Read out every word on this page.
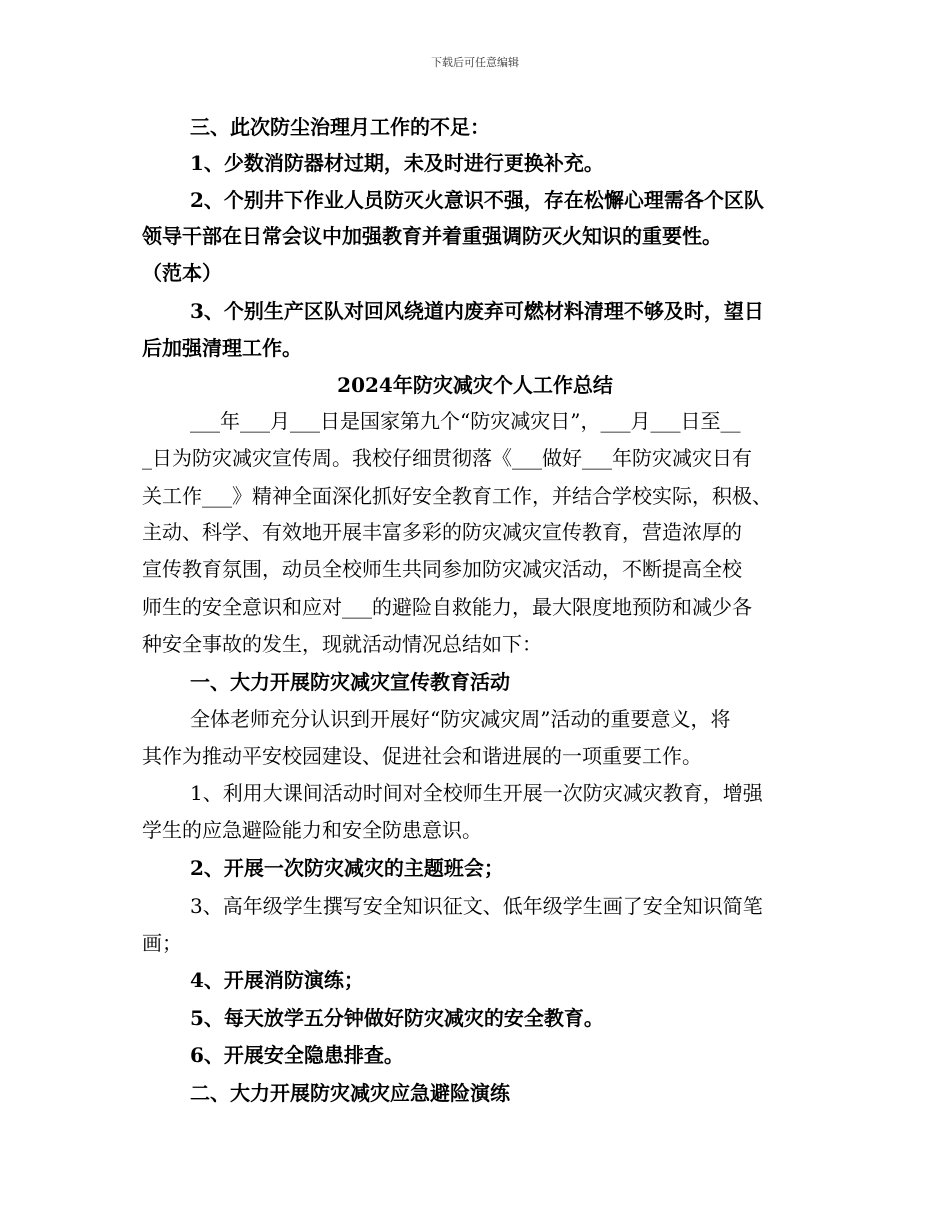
下载后可任意编辑
三、此次防尘治理月工作的不足：
1、少数消防器材过期，未及时进行更换补充。
2、个别井下作业人员防灭火意识不强，存在松懈心理需各个区队
领导干部在日常会议中加强教育并着重强调防灭火知识的重要性。
（范本）
3、个别生产区队对回风绕道内废弃可燃材料清理不够及时，望日
后加强清理工作。
2024年防灾减灾个人工作总结
___年___月___日是国家第九个“防灾减灾日”，___月___日至__
_日为防灾减灾宣传周。我校仔细贯彻落《___做好___年防灾减灾日有
关工作___》精神全面深化抓好安全教育工作，并结合学校实际，积极、
主动、科学、有效地开展丰富多彩的防灾减灾宣传教育，营造浓厚的
宣传教育氛围，动员全校师生共同参加防灾减灾活动，不断提高全校
师生的安全意识和应对___的避险自救能力，最大限度地预防和减少各
种安全事故的发生，现就活动情况总结如下：
一、大力开展防灾减灾宣传教育活动
全体老师充分认识到开展好“防灾减灾周”活动的重要意义，将
其作为推动平安校园建设、促进社会和谐进展的一项重要工作。
1、利用大课间活动时间对全校师生开展一次防灾减灾教育，增强
学生的应急避险能力和安全防患意识。
2、开展一次防灾减灾的主题班会；
3、高年级学生撰写安全知识征文、低年级学生画了安全知识简笔
画；
4、开展消防演练；
5、每天放学五分钟做好防灾减灾的安全教育。
6、开展安全隐患排查。
二、大力开展防灾减灾应急避险演练
